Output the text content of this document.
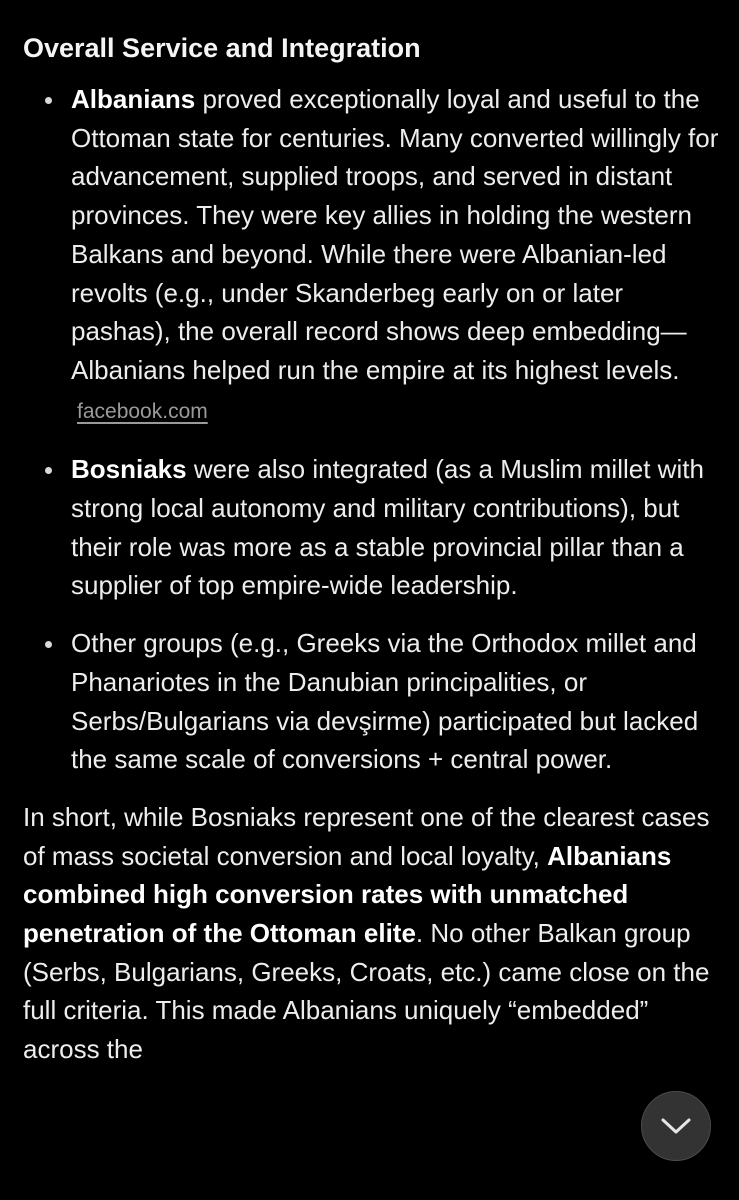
Overall Service and Integration
Albanians proved exceptionally loyal and useful to the Ottoman state for centuries. Many converted willingly for advancement, supplied troops, and served in distant provinces. They were key allies in holding the western Balkans and beyond. While there were Albanian-led revolts (e.g., under Skanderbeg early on or later pashas), the overall record shows deep embedding—Albanians helped run the empire at its highest levels. facebook.com
Bosniaks were also integrated (as a Muslim millet with strong local autonomy and military contributions), but their role was more as a stable provincial pillar than a supplier of top empire-wide leadership.
Other groups (e.g., Greeks via the Orthodox millet and Phanariotes in the Danubian principalities, or Serbs/Bulgarians via devşirme) participated but lacked the same scale of conversions + central power.

In short, while Bosniaks represent one of the clearest cases of mass societal conversion and local loyalty, Albanians combined high conversion rates with unmatched penetration of the Ottoman elite. No other Balkan group (Serbs, Bulgarians, Greeks, Croats, etc.) came close on the full criteria. This made Albanians uniquely “embedded” across the
